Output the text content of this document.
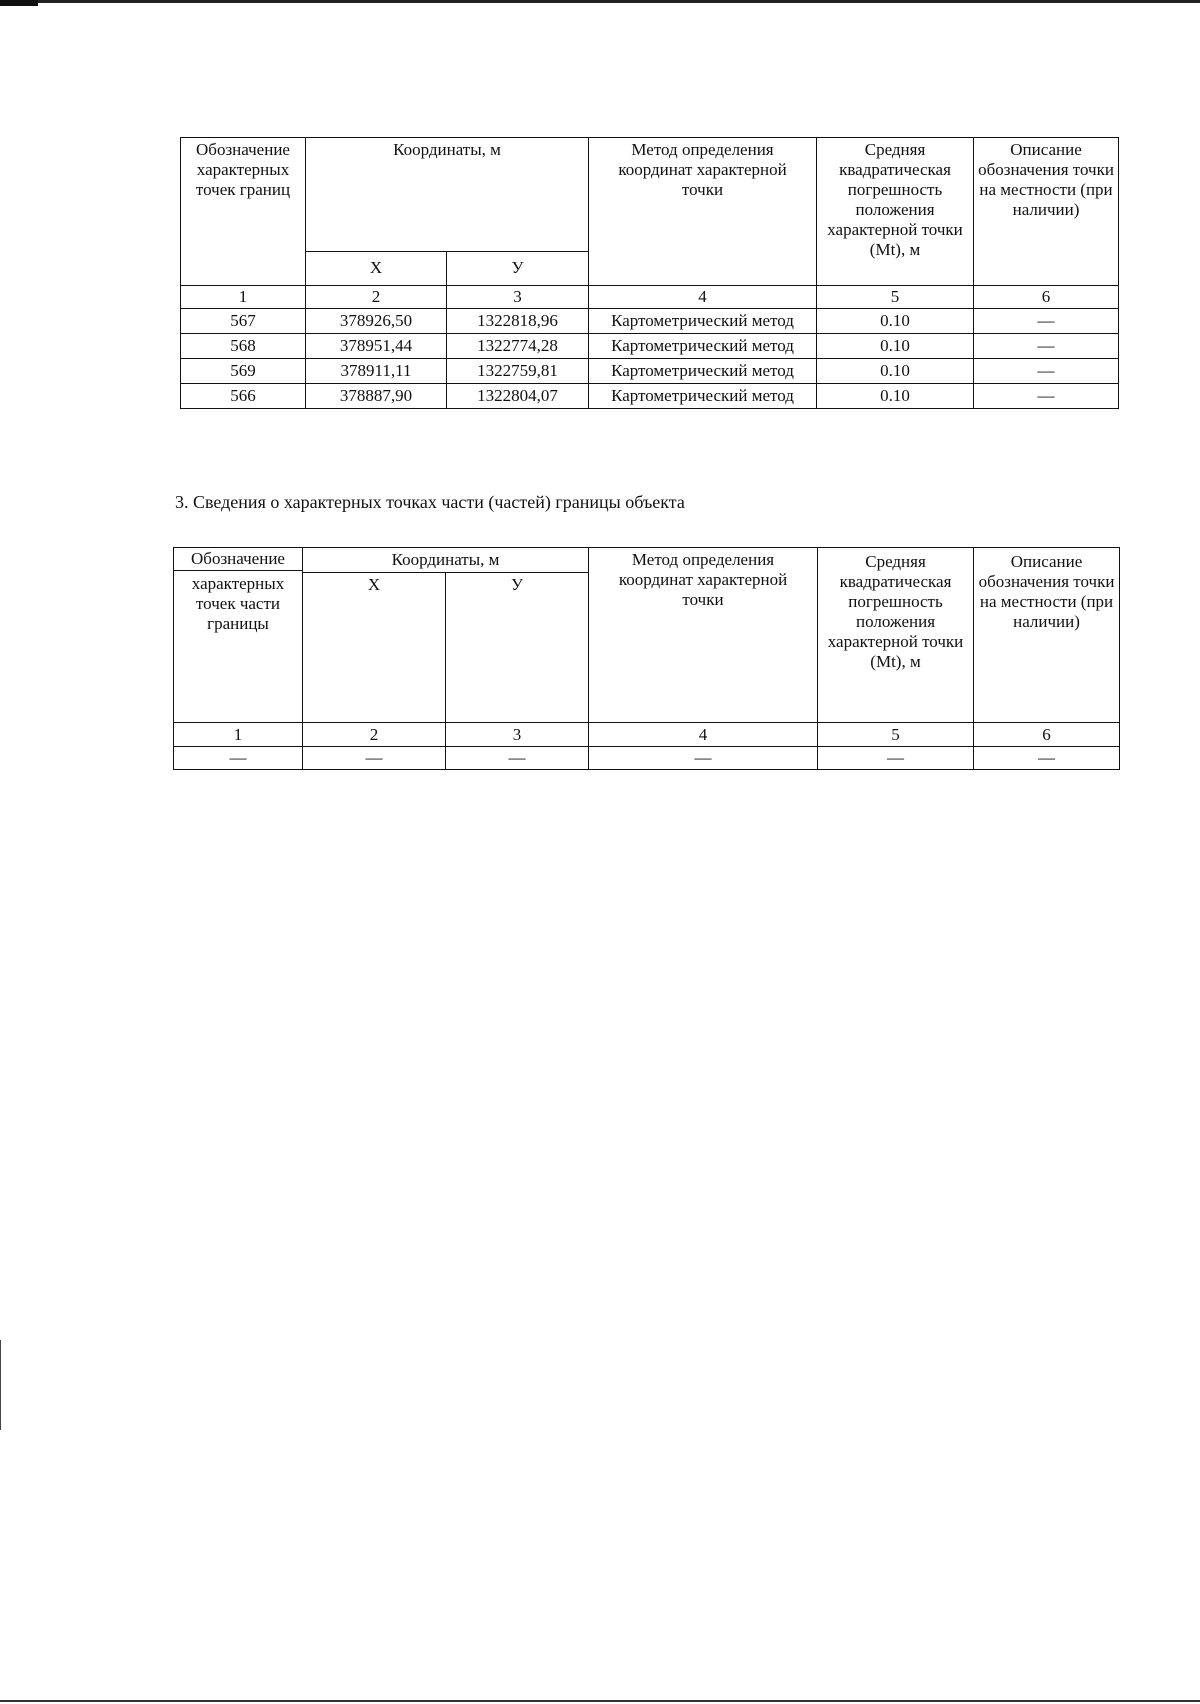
Обозначение характерных точек границ	Координаты, м		Метод определения координат характерной точки	Средняя квадратическая погрешность положения характерной точки (Mt), м	Описание обозначения точки на местности (при наличии)
	X	У			
1	2	3	4	5	6
567	378926,50	1322818,96	Картометрический метод	0.10	—
568	378951,44	1322774,28	Картометрический метод	0.10	—
569	378911,11	1322759,81	Картометрический метод	0.10	—
566	378887,90	1322804,07	Картометрический метод	0.10	—
3. Сведения о характерных точках части (частей) границы объекта
Обозначение
характерных точек части границы	Координаты, м		Метод определения координат характерной точки	Средняя квадратическая погрешность положения характерной точки (Mt), м	Описание обозначения точки на местности (при наличии)
	X	У			
1	2	3	4	5	6
—	—	—	—	—	—
